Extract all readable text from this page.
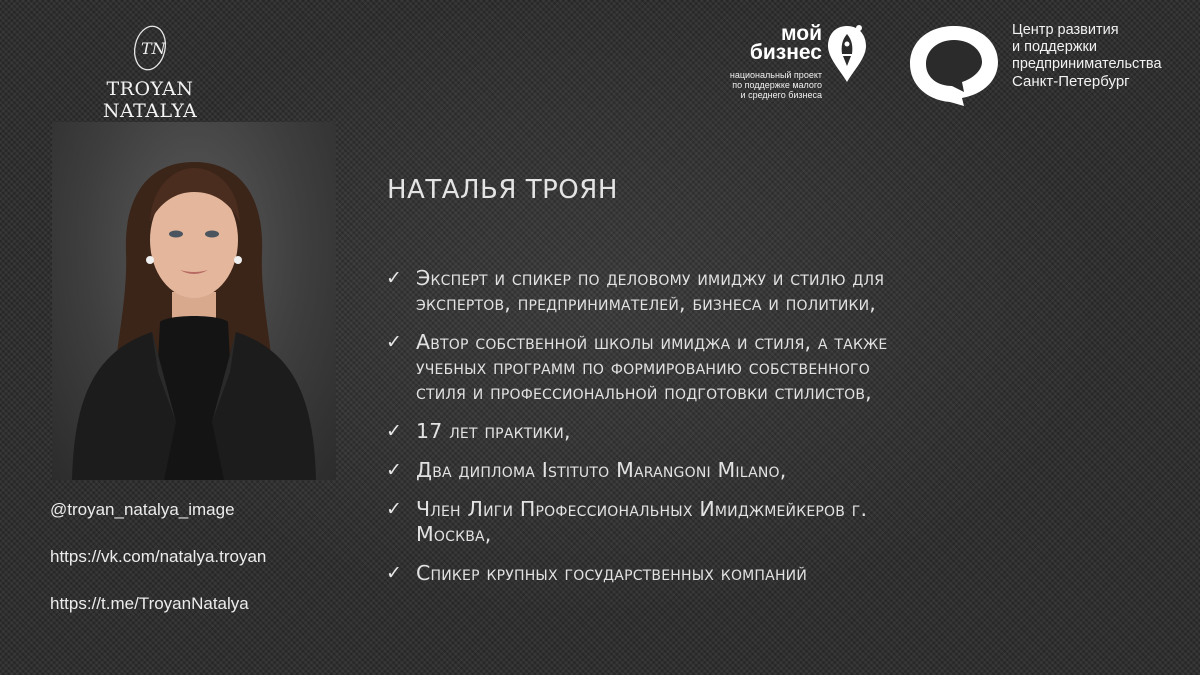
TN
TROYAN NATALYA
мой
бизнес
национальный проект
по поддержке малого
и среднего бизнеса
Центр развития
и поддержки
предпринимательства
Санкт-Петербург
@troyan_natalya_image
https://vk.com/natalya.troyan
https://t.me/TroyanNatalya
НАТАЛЬЯ ТРОЯН
✓ Эксперт и спикер по деловому имиджу и стилю для
экспертов, предпринимателей, бизнеса и политики,
✓ Автор собственной школы имиджа и стиля, а также
учебных программ по формированию собственного
стиля и профессиональной подготовки стилистов,
✓ 17 лет практики,
✓ Два диплома Istituto Marangoni Milano,
✓ Член Лиги Профессиональных Имиджмейкеров г.
Москва,
✓ Спикер крупных государственных компаний
